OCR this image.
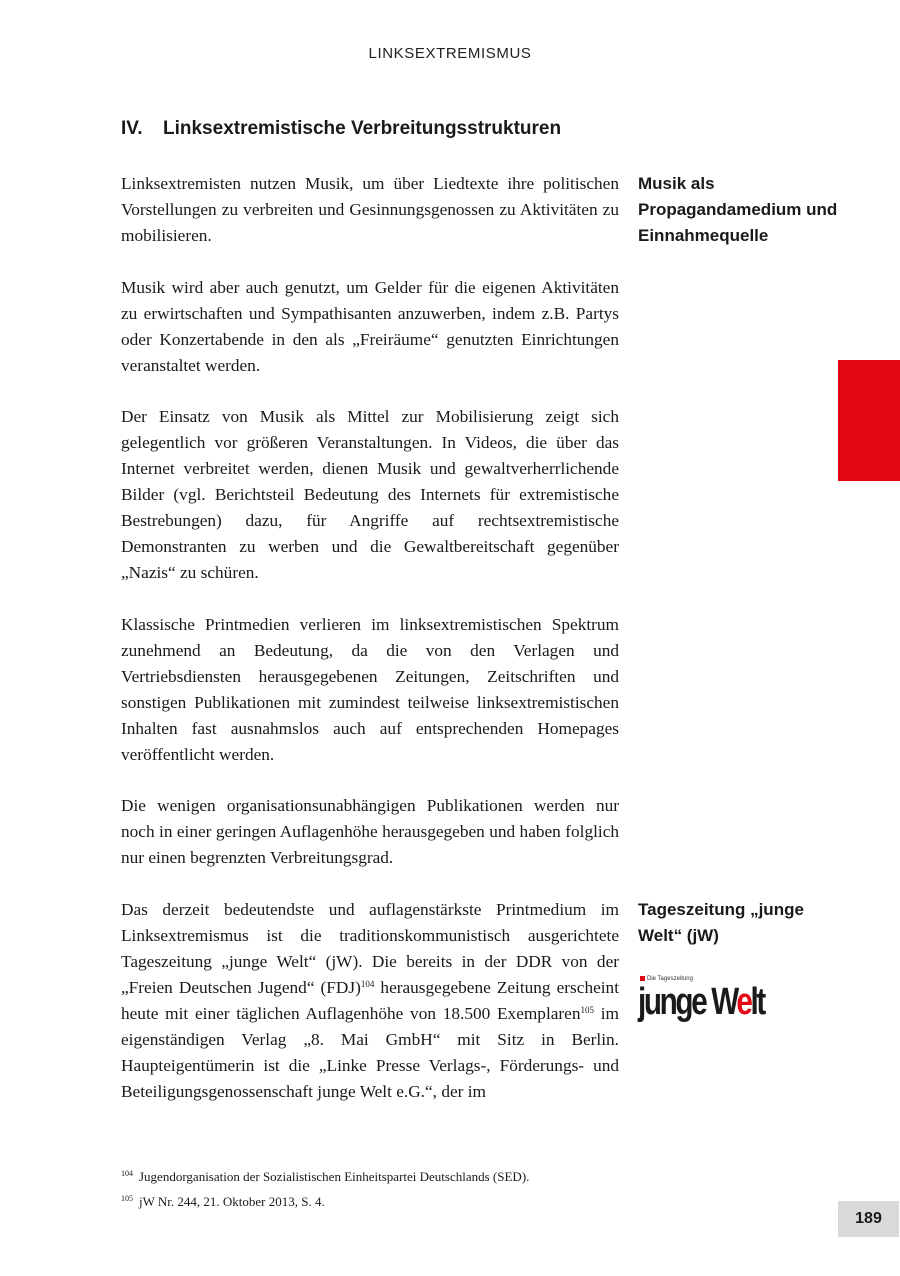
LINKSEXTREMISMUS
IV. Linksextremistische Verbreitungsstrukturen

Linksextremisten nutzen Musik, um über Liedtexte ihre politischen Vorstellungen zu verbreiten und Gesinnungsgenossen zu Aktivitäten zu mobilisieren.

Musik wird aber auch genutzt, um Gelder für die eigenen Aktivitäten zu erwirtschaften und Sympathisanten anzuwerben, indem z.B. Partys oder Konzertabende in den als „Freiräume“ genutzten Einrichtungen veranstaltet werden.

Der Einsatz von Musik als Mittel zur Mobilisierung zeigt sich gelegentlich vor größeren Veranstaltungen. In Videos, die über das Internet verbreitet werden, dienen Musik und gewaltverherrlichende Bilder (vgl. Berichtsteil Bedeutung des Internets für extremistische Bestrebungen) dazu, für Angriffe auf rechtsextremistische Demonstranten zu werben und die Gewaltbereitschaft gegenüber „Nazis“ zu schüren.

Klassische Printmedien verlieren im linksextremistischen Spektrum zunehmend an Bedeutung, da die von den Verlagen und Vertriebsdiensten herausgegebenen Zeitungen, Zeitschriften und sonstigen Publikationen mit zumindest teilweise linksextremistischen Inhalten fast ausnahmslos auch auf entsprechenden Homepages veröffentlicht werden.

Die wenigen organisationsunabhängigen Publikationen werden nur noch in einer geringen Auflagenhöhe herausgegeben und haben folglich nur einen begrenzten Verbreitungsgrad.

Das derzeit bedeutendste und auflagenstärkste Printmedium im Linksextremismus ist die traditionskommunistisch ausgerichtete Tageszeitung „junge Welt“ (jW). Die bereits in der DDR von der „Freien Deutschen Jugend“ (FDJ)$^{104}$ herausgegebene Zeitung erscheint heute mit einer täglichen Auflagenhöhe von 18.500 Exemplaren$^{105}$ im eigenständigen Verlag „8. Mai GmbH“ mit Sitz in Berlin. Haupteigentümerin ist die „Linke Presse Verlags-, Förderungs- und Beteiligungsgenossenschaft junge Welt e.G.“, der im

Musik als Propagandamedium und Einnahmequelle
Tageszeitung „junge Welt“ (jW)
Die Tageszeitung
junge Welt
$^{104}$ Jugendorganisation der Sozialistischen Einheitspartei Deutschlands (SED).
$^{105}$ jW Nr. 244, 21. Oktober 2013, S. 4.
189
